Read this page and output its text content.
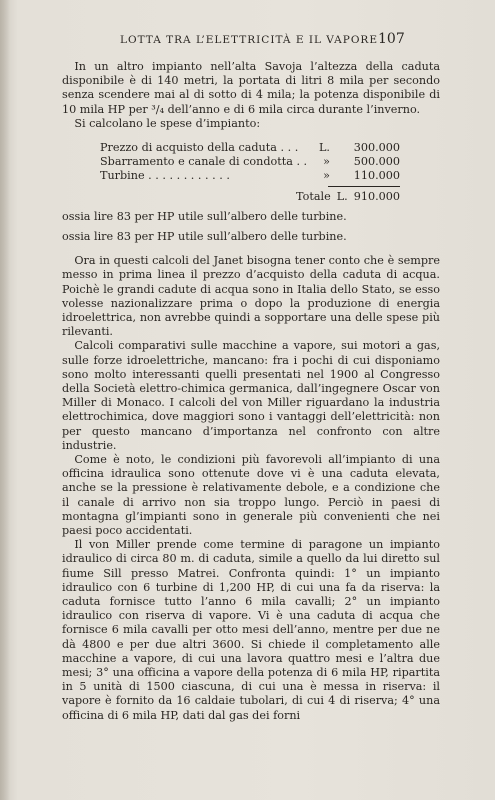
LOTTA TRA L’ELETTRICITÀ E IL VAPORE 107

In un altro impianto nell’alta Savoja l’altezza della caduta disponibile è di 140 metri, la portata di litri 8 mila per secondo senza scendere mai al di sotto di 4 mila; la potenza disponibile di 10 mila HP per ³/₄ dell’anno e di 6 mila circa durante l’inverno.

Si calcolano le spese d’impianto:

Prezzo di acquisto della caduta . . .	L.	300.000
Sbarramento e canale di condotta . .	»	500.000
Turbine . . . . . . . . . . . .	»	110.000
Totale L. 910.000

ossia lire 83 per HP utile sull’albero delle turbine.

ossia lire 83 per HP utile sull’albero delle turbine.

Ora in questi calcoli del Janet bisogna tener conto che è sempre messo in prima linea il prezzo d’acquisto della caduta di acqua. Poichè le grandi cadute di acqua sono in Italia dello Stato, se esso volesse nazionalizzare prima o dopo la produzione di energia idroelettrica, non avrebbe quindi a sopportare una delle spese più rilevanti.

Calcoli comparativi sulle macchine a vapore, sui motori a gas, sulle forze idroelettriche, mancano: fra i pochi di cui disponiamo sono molto interessanti quelli presentati nel 1900 al Congresso della Società elettro-chimica germanica, dall’ingegnere Oscar von Miller di Monaco. I calcoli del von Miller riguardano la industria elettrochimica, dove maggiori sono i vantaggi dell’elettricità: non per questo mancano d’importanza nel confronto con altre industrie.

Come è noto, le condizioni più favorevoli all’impianto di una officina idraulica sono ottenute dove vi è una caduta elevata, anche se la pressione è relativamente debole, e a condizione che il canale di arrivo non sia troppo lungo. Perciò in paesi di montagna gl’impianti sono in generale più convenienti che nei paesi poco accidentati.

Il von Miller prende come termine di paragone un impianto idraulico di circa 80 m. di caduta, simile a quello da lui diretto sul fiume Sill presso Matrei. Confronta quindi: 1° un impianto idraulico con 6 turbine di 1,200 HP, di cui una fa da riserva: la caduta fornisce tutto l’anno 6 mila cavalli; 2° un impianto idraulico con riserva di vapore. Vi è una caduta di acqua che fornisce 6 mila cavalli per otto mesi dell’anno, mentre per due ne dà 4800 e per due altri 3600. Si chiede il completamento alle macchine a vapore, di cui una lavora quattro mesi e l’altra due mesi; 3° una officina a vapore della potenza di 6 mila HP, ripartita in 5 unità di 1500 ciascuna, di cui una è messa in riserva: il vapore è fornito da 16 caldaie tubolari, di cui 4 di riserva; 4° una officina di 6 mila HP, dati dal gas dei forni
